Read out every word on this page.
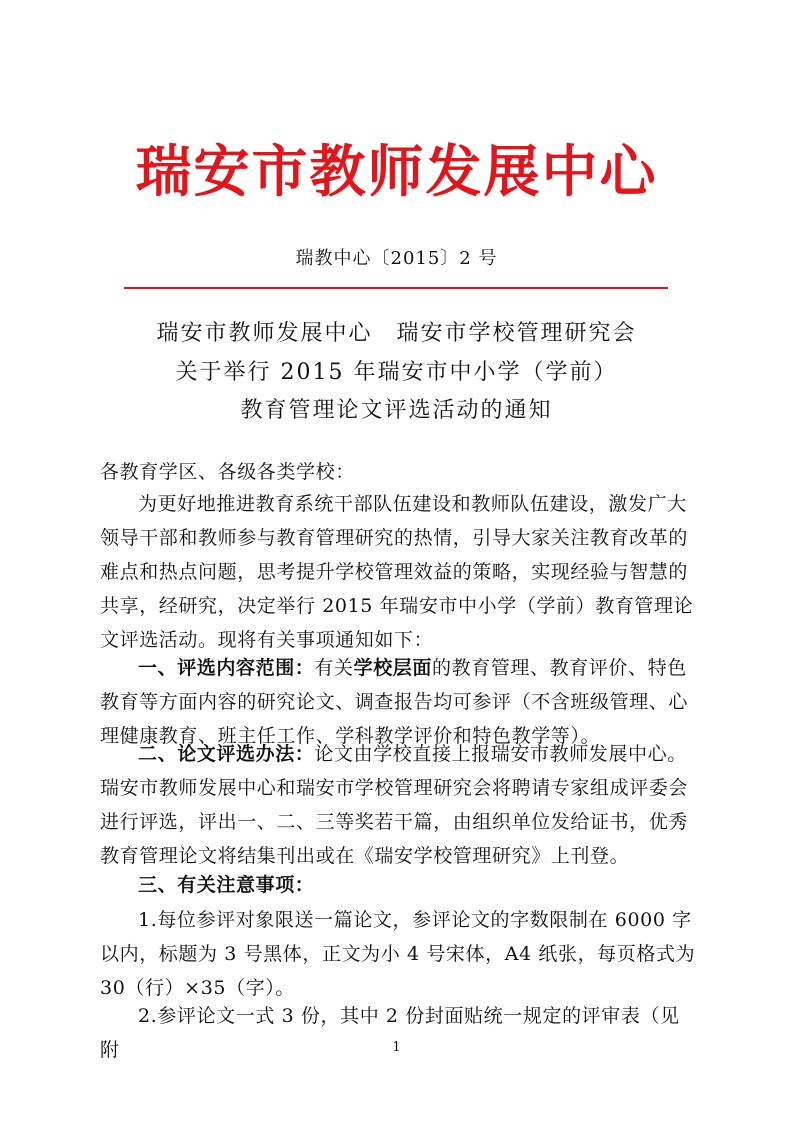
瑞安市教师发展中心
瑞教中心〔2015〕2 号
瑞安市教师发展中心　瑞安市学校管理研究会
关于举行 2015 年瑞安市中小学（学前）
教育管理论文评选活动的通知
各教育学区、各级各类学校：
为更好地推进教育系统干部队伍建设和教师队伍建设，激发广大领导干部和教师参与教育管理研究的热情，引导大家关注教育改革的难点和热点问题，思考提升学校管理效益的策略，实现经验与智慧的共享，经研究，决定举行 2015 年瑞安市中小学（学前）教育管理论文评选活动。现将有关事项通知如下：
一、评选内容范围：有关学校层面的教育管理、教育评价、特色教育等方面内容的研究论文、调查报告均可参评（不含班级管理、心理健康教育、班主任工作、学科教学评价和特色教学等）。
二、论文评选办法：论文由学校直接上报瑞安市教师发展中心。瑞安市教师发展中心和瑞安市学校管理研究会将聘请专家组成评委会进行评选，评出一、二、三等奖若干篇，由组织单位发给证书，优秀教育管理论文将结集刊出或在《瑞安学校管理研究》上刊登。
三、有关注意事项：
1.每位参评对象限送一篇论文，参评论文的字数限制在 6000 字以内，标题为 3 号黑体，正文为小 4 号宋体，A4 纸张，每页格式为 30（行）×35（字）。
2.参评论文一式 3 份，其中 2 份封面贴统一规定的评审表（见附	1
